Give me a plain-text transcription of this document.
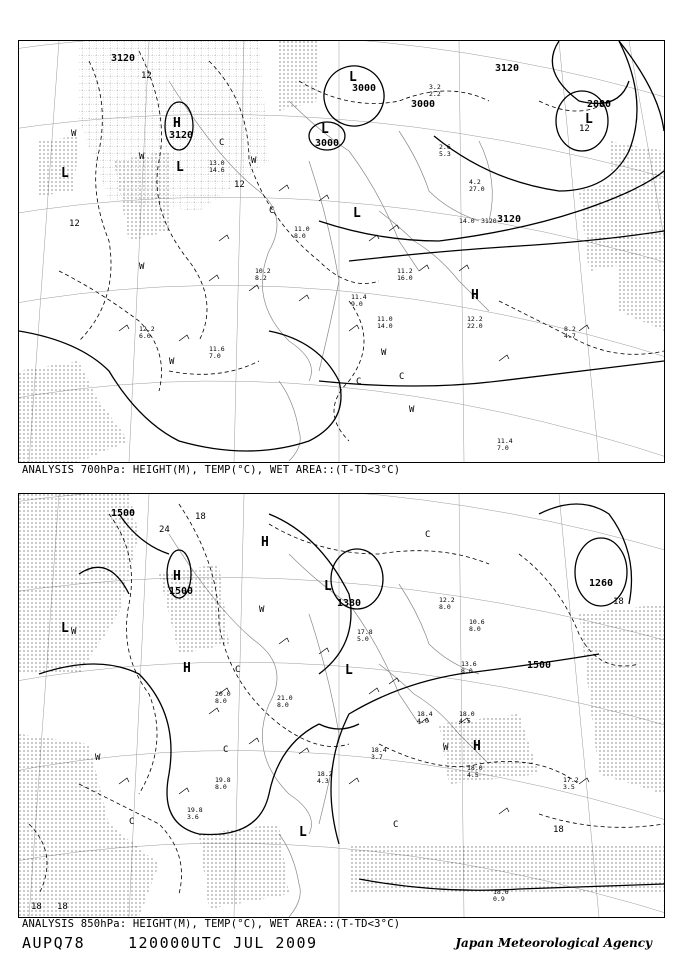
3120
3120
3000
3000
3000
3120
2880
3120
H
L
L
L
L
L
H
L
12
12
12
12
W
W	W
C
C
W
W
C	C
W
W
13.0
14.6
11.0
8.0
10.2
8.2
12.2
6.0
11.6
7.0
11.4
9.0
11.0
14.0
11.2
16.0
14.0 3120
12.2
22.0	8.2
4.7
11.4
7.0
4.2
27.0
2.6
5.3
3.2
2.2
ANALYSIS 700hPa: HEIGHT(M), TEMP(°C), WET AREA::(T-TD<3°C)
1500
1500
1380
1500
1260
H
H
L
H	L
L
H
L
18
24
18
C
W
W
C	C
W
C
18
18 18
W
C
20.0
8.0
19.8
3.6
18.4
3.7
19.8
8.0
18.2
4.3
18.0
4.5
17.2
3.5
18.6
0.9
18.0
4.5
12.2
8.0
13.6
8.0
10.6
8.0
18.4
4.0
17.8
5.0
21.0
8.0
ANALYSIS 850hPa: HEIGHT(M), TEMP(°C), WET AREA::(T-TD<3°C)
AUPQ78	120000UTC JUL 2009	Japan Meteorological Agency
